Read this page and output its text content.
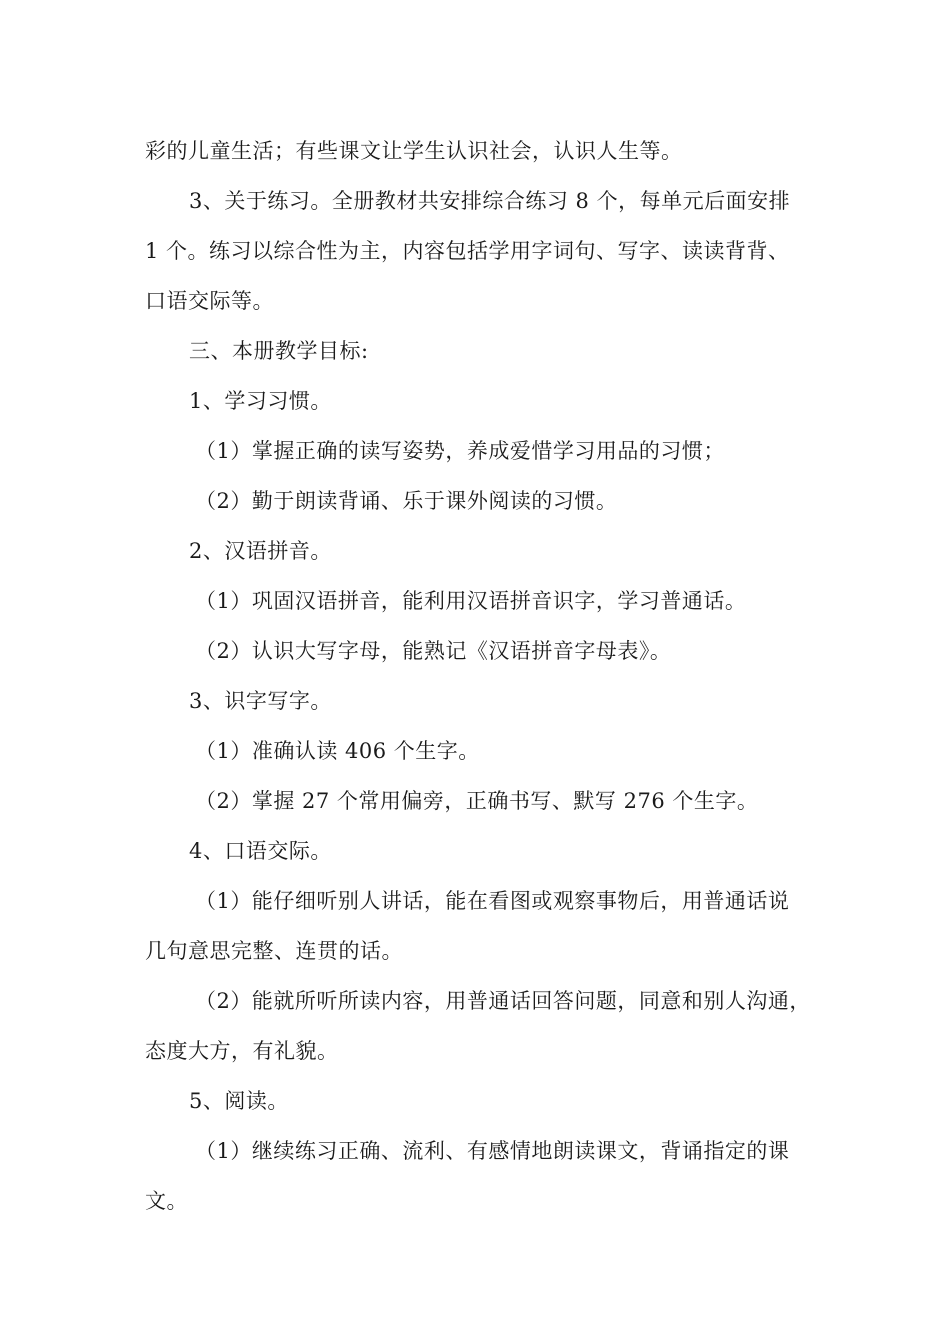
彩的儿童生活；有些课文让学生认识社会，认识人生等。
3、关于练习。全册教材共安排综合练习 8 个，每单元后面安排
1 个。练习以综合性为主，内容包括学用字词句、写字、读读背背、
口语交际等。
三、本册教学目标:
1、学习习惯。
（1）掌握正确的读写姿势，养成爱惜学习用品的习惯；
（2）勤于朗读背诵、乐于课外阅读的习惯。
2、汉语拼音。
（1）巩固汉语拼音，能利用汉语拼音识字，学习普通话。
（2）认识大写字母，能熟记《汉语拼音字母表》。
3、识字写字。
（1）准确认读 406 个生字。
（2）掌握 27 个常用偏旁，正确书写、默写 276 个生字。
4、口语交际。
（1）能仔细听别人讲话，能在看图或观察事物后，用普通话说
几句意思完整、连贯的话。
（2）能就所听所读内容，用普通话回答问题，同意和别人沟通，
态度大方，有礼貌。
5、阅读。
（1）继续练习正确、流利、有感情地朗读课文，背诵指定的课
文。
